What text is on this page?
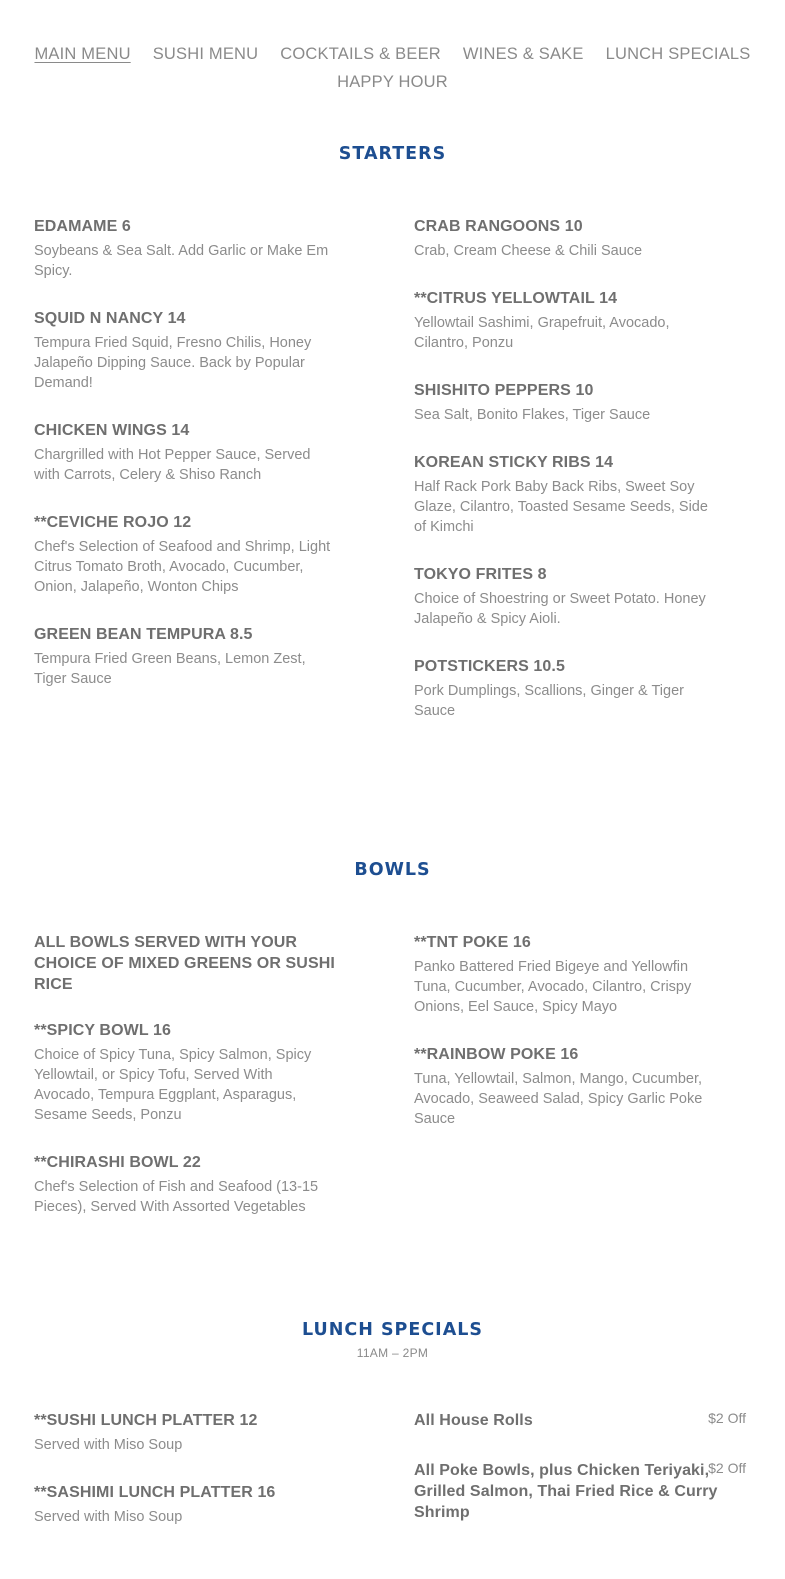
MAIN MENU SUSHI MENU COCKTAILS & BEER WINES & SAKE LUNCH SPECIALS
HAPPY HOUR
STARTERS
EDAMAME 6
Soybeans & Sea Salt. Add Garlic or Make Em Spicy.
SQUID N NANCY 14
Tempura Fried Squid, Fresno Chilis, Honey Jalapeño Dipping Sauce. Back by Popular Demand!
CHICKEN WINGS 14
Chargrilled with Hot Pepper Sauce, Served with Carrots, Celery & Shiso Ranch
**CEVICHE ROJO 12
Chef's Selection of Seafood and Shrimp, Light Citrus Tomato Broth, Avocado, Cucumber, Onion, Jalapeño, Wonton Chips
GREEN BEAN TEMPURA 8.5
Tempura Fried Green Beans, Lemon Zest, Tiger Sauce
CRAB RANGOONS 10
Crab, Cream Cheese & Chili Sauce
**CITRUS YELLOWTAIL 14
Yellowtail Sashimi, Grapefruit, Avocado, Cilantro, Ponzu
SHISHITO PEPPERS 10
Sea Salt, Bonito Flakes, Tiger Sauce
KOREAN STICKY RIBS 14
Half Rack Pork Baby Back Ribs, Sweet Soy Glaze, Cilantro, Toasted Sesame Seeds, Side of Kimchi
TOKYO FRITES 8
Choice of Shoestring or Sweet Potato. Honey Jalapeño & Spicy Aioli.
POTSTICKERS 10.5
Pork Dumplings, Scallions, Ginger & Tiger Sauce
BOWLS
ALL BOWLS SERVED WITH YOUR CHOICE OF MIXED GREENS OR SUSHI RICE
**SPICY BOWL 16
Choice of Spicy Tuna, Spicy Salmon, Spicy Yellowtail, or Spicy Tofu, Served With Avocado, Tempura Eggplant, Asparagus, Sesame Seeds, Ponzu
**CHIRASHI BOWL 22
Chef's Selection of Fish and Seafood (13-15 Pieces), Served With Assorted Vegetables
**TNT POKE 16
Panko Battered Fried Bigeye and Yellowfin Tuna, Cucumber, Avocado, Cilantro, Crispy Onions, Eel Sauce, Spicy Mayo
**RAINBOW POKE 16
Tuna, Yellowtail, Salmon, Mango, Cucumber, Avocado, Seaweed Salad, Spicy Garlic Poke Sauce
LUNCH SPECIALS
11AM – 2PM
**SUSHI LUNCH PLATTER 12
Served with Miso Soup
**SASHIMI LUNCH PLATTER 16
Served with Miso Soup
All House Rolls	$2 Off
All Poke Bowls, plus Chicken Teriyaki, Grilled Salmon, Thai Fried Rice & Curry Shrimp
$2 Off
